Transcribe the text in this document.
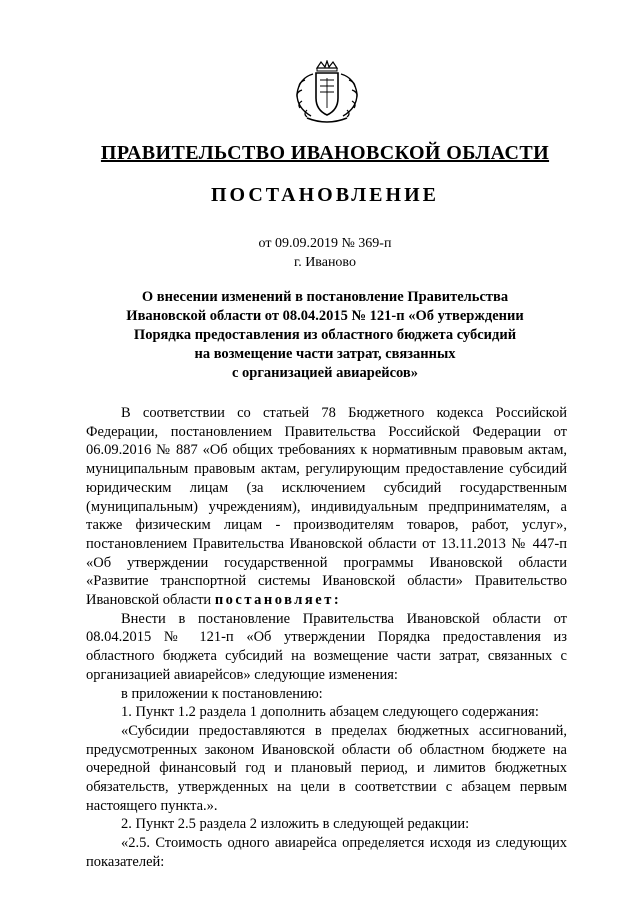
ПРАВИТЕЛЬСТВО ИВАНОВСКОЙ ОБЛАСТИ
ПОСТАНОВЛЕНИЕ
от 09.09.2019 № 369-п
г. Иваново
О внесении изменений в постановление Правительства
Ивановской области от 08.04.2015 № 121-п «Об утверждении
Порядка предоставления из областного бюджета субсидий
на возмещение части затрат, связанных
с организацией авиарейсов»

В соответствии со статьей 78 Бюджетного кодекса Российской Федерации, постановлением Правительства Российской Федерации от 06.09.2016 № 887 «Об общих требованиях к нормативным правовым актам, муниципальным правовым актам, регулирующим предоставление субсидий юридическим лицам (за исключением субсидий государственным (муниципальным) учреждениям), индивидуальным предпринимателям, а также физическим лицам - производителям товаров, работ, услуг», постановлением Правительства Ивановской области от 13.11.2013 № 447-п «Об утверждении государственной программы Ивановской области «Развитие транспортной системы Ивановской области» Правительство Ивановской области постановляет:

Внести в постановление Правительства Ивановской области от 08.04.2015 № 121-п «Об утверждении Порядка предоставления из областного бюджета субсидий на возмещение части затрат, связанных с организацией авиарейсов» следующие изменения:

в приложении к постановлению:

1. Пункт 1.2 раздела 1 дополнить абзацем следующего содержания:

«Субсидии предоставляются в пределах бюджетных ассигнований, предусмотренных законом Ивановской области об областном бюджете на очередной финансовый год и плановый период, и лимитов бюджетных обязательств, утвержденных на цели в соответствии с абзацем первым настоящего пункта.».

2. Пункт 2.5 раздела 2 изложить в следующей редакции:

«2.5. Стоимость одного авиарейса определяется исходя из следующих показателей:
